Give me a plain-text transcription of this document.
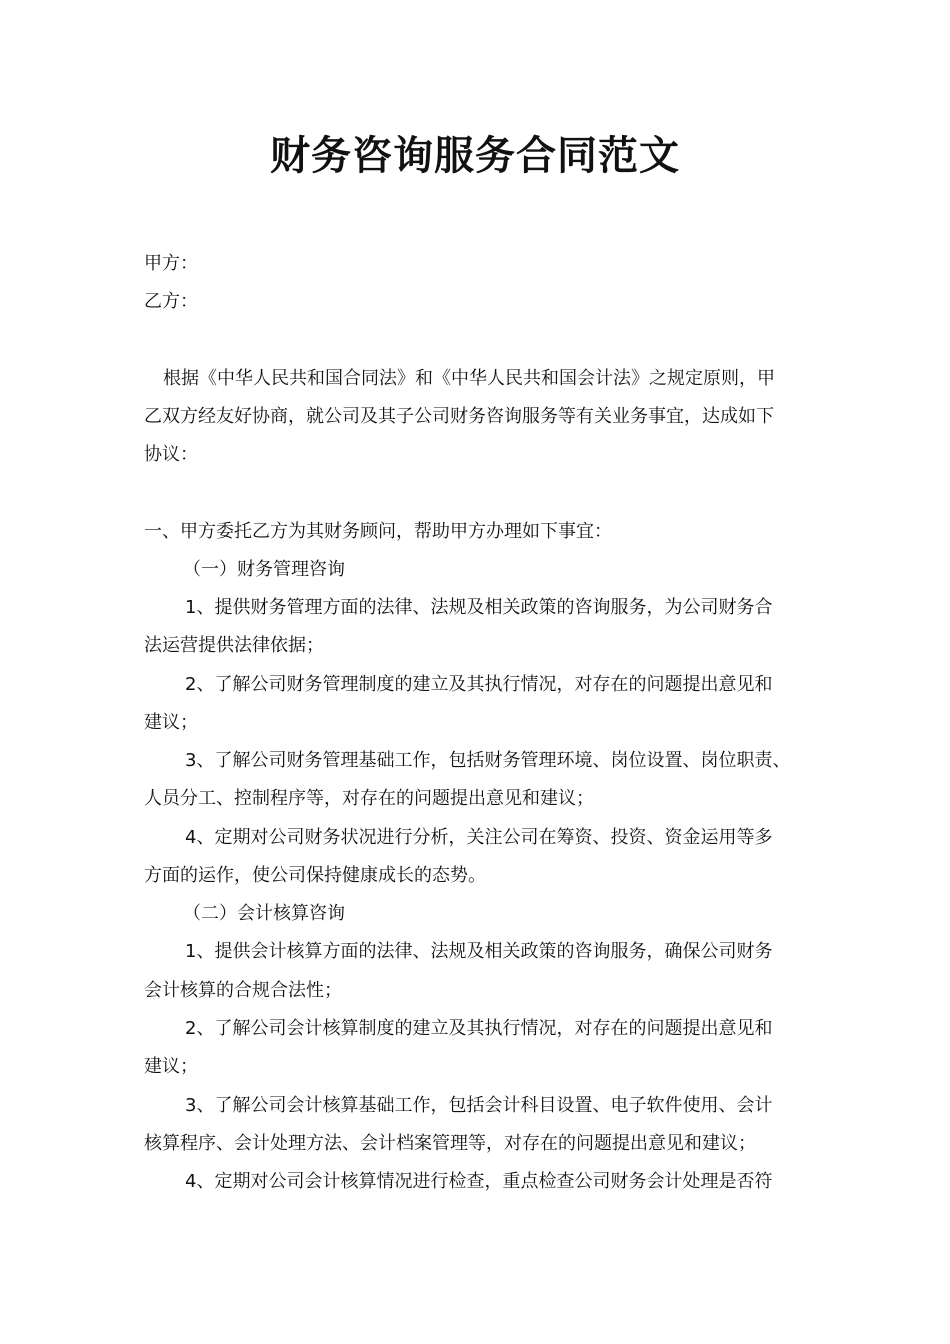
财务咨询服务合同范文
甲方：
乙方：
根据《中华人民共和国合同法》和《中华人民共和国会计法》之规定原则，甲
乙双方经友好协商，就公司及其子公司财务咨询服务等有关业务事宜，达成如下
协议：
一、甲方委托乙方为其财务顾问，帮助甲方办理如下事宜：
（一）财务管理咨询
1、提供财务管理方面的法律、法规及相关政策的咨询服务，为公司财务合
法运营提供法律依据；
2、了解公司财务管理制度的建立及其执行情况，对存在的问题提出意见和
建议；
3、了解公司财务管理基础工作，包括财务管理环境、岗位设置、岗位职责、
人员分工、控制程序等，对存在的问题提出意见和建议；
4、定期对公司财务状况进行分析，关注公司在筹资、投资、资金运用等多
方面的运作，使公司保持健康成长的态势。
（二）会计核算咨询
1、提供会计核算方面的法律、法规及相关政策的咨询服务，确保公司财务
会计核算的合规合法性；
2、了解公司会计核算制度的建立及其执行情况，对存在的问题提出意见和
建议；
3、了解公司会计核算基础工作，包括会计科目设置、电子软件使用、会计
核算程序、会计处理方法、会计档案管理等，对存在的问题提出意见和建议；
4、定期对公司会计核算情况进行检查，重点检查公司财务会计处理是否符
